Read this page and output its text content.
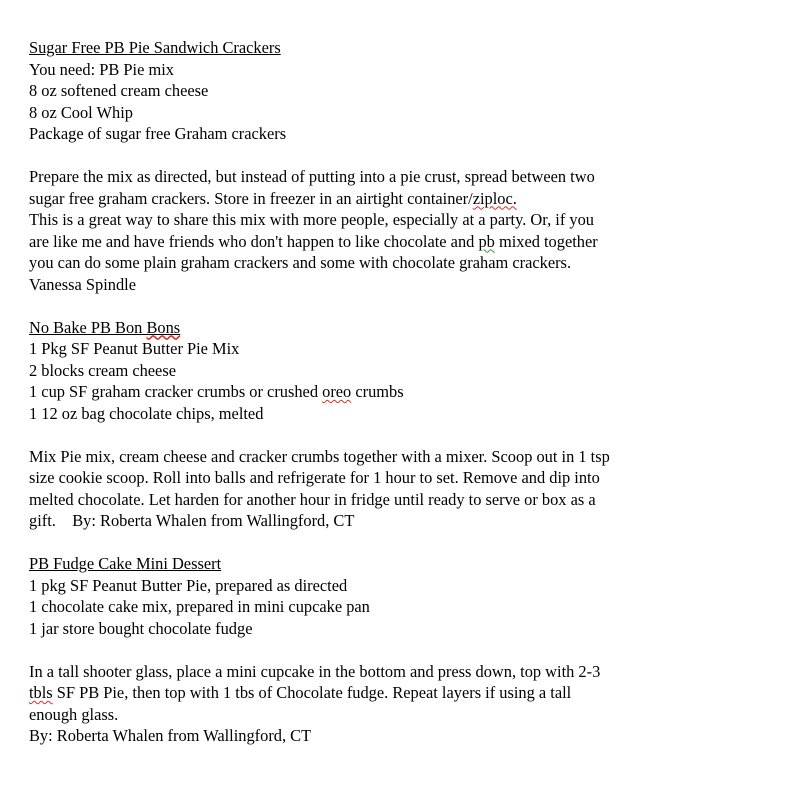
Sugar Free PB Pie Sandwich Crackers

You need: PB Pie mix

8 oz softened cream cheese

8 oz Cool Whip

Package of sugar free Graham crackers

Prepare the mix as directed, but instead of putting into a pie crust, spread between two

sugar free graham crackers. Store in freezer in an airtight container/ziploc.

This is a great way to share this mix with more people, especially at a party. Or, if you

are like me and have friends who don't happen to like chocolate and pb mixed together

you can do some plain graham crackers and some with chocolate graham crackers.

Vanessa Spindle

No Bake PB Bon Bons

1 Pkg SF Peanut Butter Pie Mix

2 blocks cream cheese

1 cup SF graham cracker crumbs or crushed oreo crumbs

1 12 oz bag chocolate chips, melted

Mix Pie mix, cream cheese and cracker crumbs together with a mixer. Scoop out in 1 tsp

size cookie scoop. Roll into balls and refrigerate for 1 hour to set. Remove and dip into

melted chocolate. Let harden for another hour in fridge until ready to serve or box as a

gift.    By: Roberta Whalen from Wallingford, CT

PB Fudge Cake Mini Dessert

1 pkg SF Peanut Butter Pie, prepared as directed

1 chocolate cake mix, prepared in mini cupcake pan

1 jar store bought chocolate fudge

In a tall shooter glass, place a mini cupcake in the bottom and press down, top with 2-3

tbls SF PB Pie, then top with 1 tbs of Chocolate fudge. Repeat layers if using a tall

enough glass.

By: Roberta Whalen from Wallingford, CT
